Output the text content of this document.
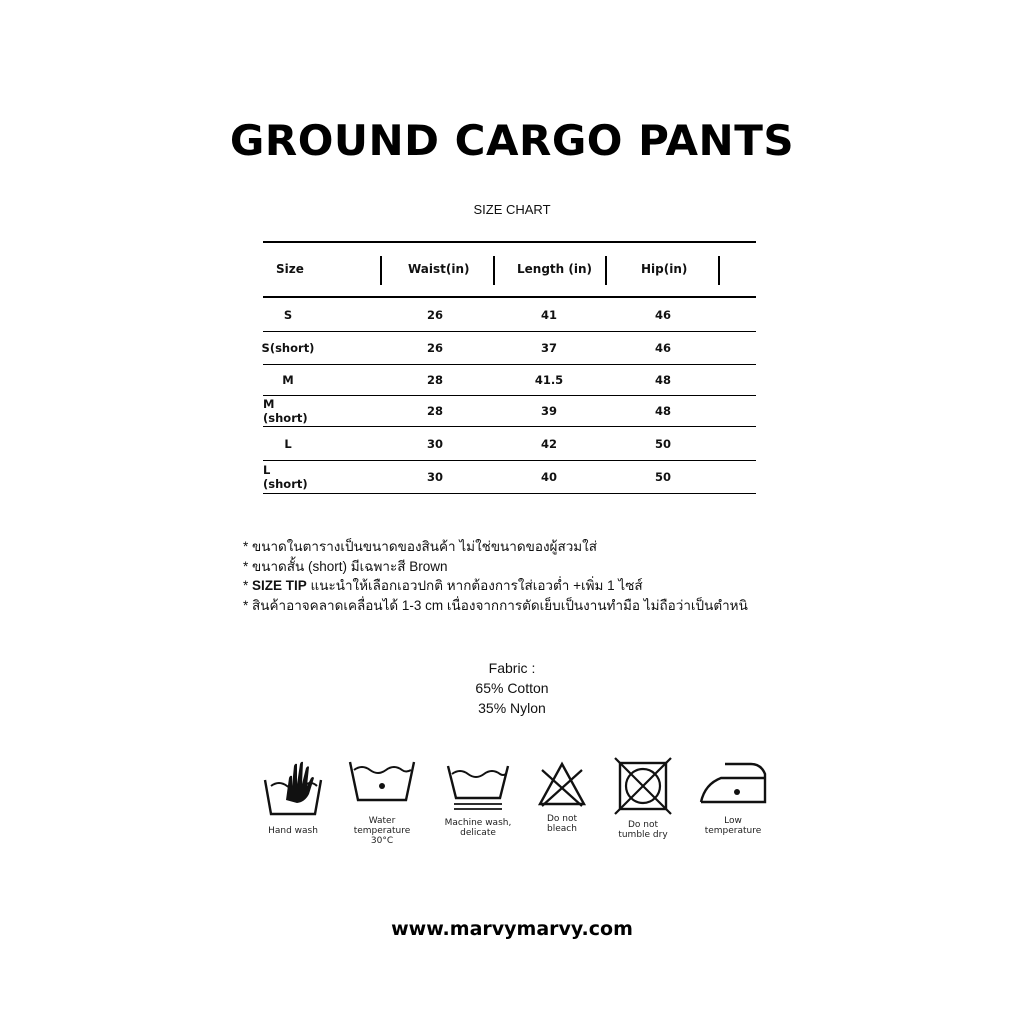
GROUND CARGO PANTS
SIZE CHART
Size	Waist(in)	Length (in)	Hip(in)
S	26	41	46
S(short)	26	37	46
M	28	41.5	48
M (short)	28	39	48
L	30	42	50
L (short)	30	40	50
* ขนาดในตารางเป็นขนาดของสินค้า ไม่ใช่ขนาดของผู้สวมใส่
* ขนาดสั้น (short) มีเฉพาะสี Brown
* SIZE TIP แนะนำให้เลือกเอวปกติ หากต้องการใส่เอวต่ำ +เพิ่ม 1 ไซส์
* สินค้าอาจคลาดเคลื่อนได้ 1-3 cm เนื่องจากการตัดเย็บเป็นงานทำมือ ไม่ถือว่าเป็นตำหนิ
Fabric :
65% Cotton
35% Nylon
Hand wash
Water
temperature
30°C
Machine wash,
delicate
Do not
bleach	Do not
tumble dry
Low
temperature
www.marvymarvy.com
